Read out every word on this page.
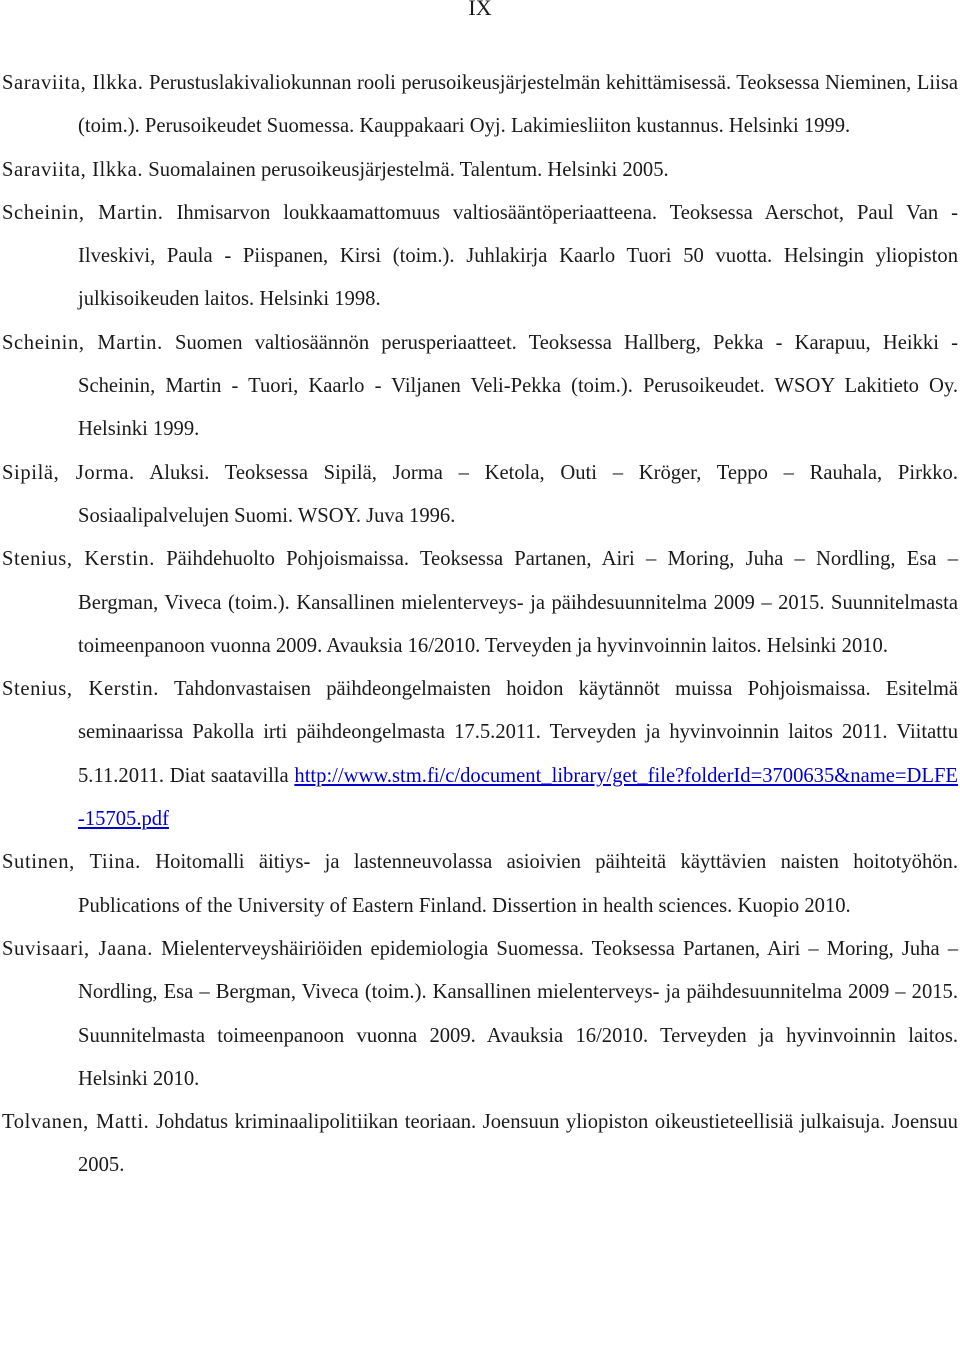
IX
Saraviita, Ilkka. Perustuslakivaliokunnan rooli perusoikeusjärjestelmän kehittämisessä. Teoksessa Nieminen, Liisa (toim.). Perusoikeudet Suomessa. Kauppakaari Oyj. Lakimiesliiton kustannus. Helsinki 1999.
Saraviita, Ilkka. Suomalainen perusoikeusjärjestelmä. Talentum. Helsinki 2005.
Scheinin, Martin. Ihmisarvon loukkaamattomuus valtiosääntöperiaatteena. Teoksessa Aerschot, Paul Van - Ilveskivi, Paula - Piispanen, Kirsi (toim.). Juhlakirja Kaarlo Tuori 50 vuotta. Helsingin yliopiston julkisoikeuden laitos. Helsinki 1998.
Scheinin, Martin. Suomen valtiosäännön perusperiaatteet. Teoksessa Hallberg, Pekka - Karapuu, Heikki - Scheinin, Martin - Tuori, Kaarlo - Viljanen Veli-Pekka (toim.). Perusoikeudet. WSOY Lakitieto Oy. Helsinki 1999.
Sipilä, Jorma. Aluksi. Teoksessa Sipilä, Jorma – Ketola, Outi – Kröger, Teppo – Rauhala, Pirkko. Sosiaalipalvelujen Suomi. WSOY. Juva 1996.
Stenius, Kerstin. Päihdehuolto Pohjoismaissa. Teoksessa Partanen, Airi – Moring, Juha – Nordling, Esa – Bergman, Viveca (toim.). Kansallinen mielenterveys- ja päihdesuunnitelma 2009 – 2015. Suunnitelmasta toimeenpanoon vuonna 2009. Avauksia 16/2010. Terveyden ja hyvinvoinnin laitos. Helsinki 2010.
Stenius, Kerstin. Tahdonvastaisen päihdeongelmaisten hoidon käytännöt muissa Pohjoismaissa. Esitelmä seminaarissa Pakolla irti päihdeongelmasta 17.5.2011. Terveyden ja hyvinvoinnin laitos 2011. Viitattu 5.11.2011. Diat saatavilla http://www.stm.fi/c/document_library/get_file?folderId=3700635&name=DLFE-15705.pdf
Sutinen, Tiina. Hoitomalli äitiys- ja lastenneuvolassa asioivien päihteitä käyttävien naisten hoitotyöhön. Publications of the University of Eastern Finland. Dissertion in health sciences. Kuopio 2010.
Suvisaari, Jaana. Mielenterveyshäiriöiden epidemiologia Suomessa. Teoksessa Partanen, Airi – Moring, Juha – Nordling, Esa – Bergman, Viveca (toim.). Kansallinen mielenterveys- ja päihdesuunnitelma 2009 – 2015. Suunnitelmasta toimeenpanoon vuonna 2009. Avauksia 16/2010. Terveyden ja hyvinvoinnin laitos. Helsinki 2010.
Tolvanen, Matti. Johdatus kriminaalipolitiikan teoriaan. Joensuun yliopiston oikeustieteellisiä julkaisuja. Joensuu 2005.
